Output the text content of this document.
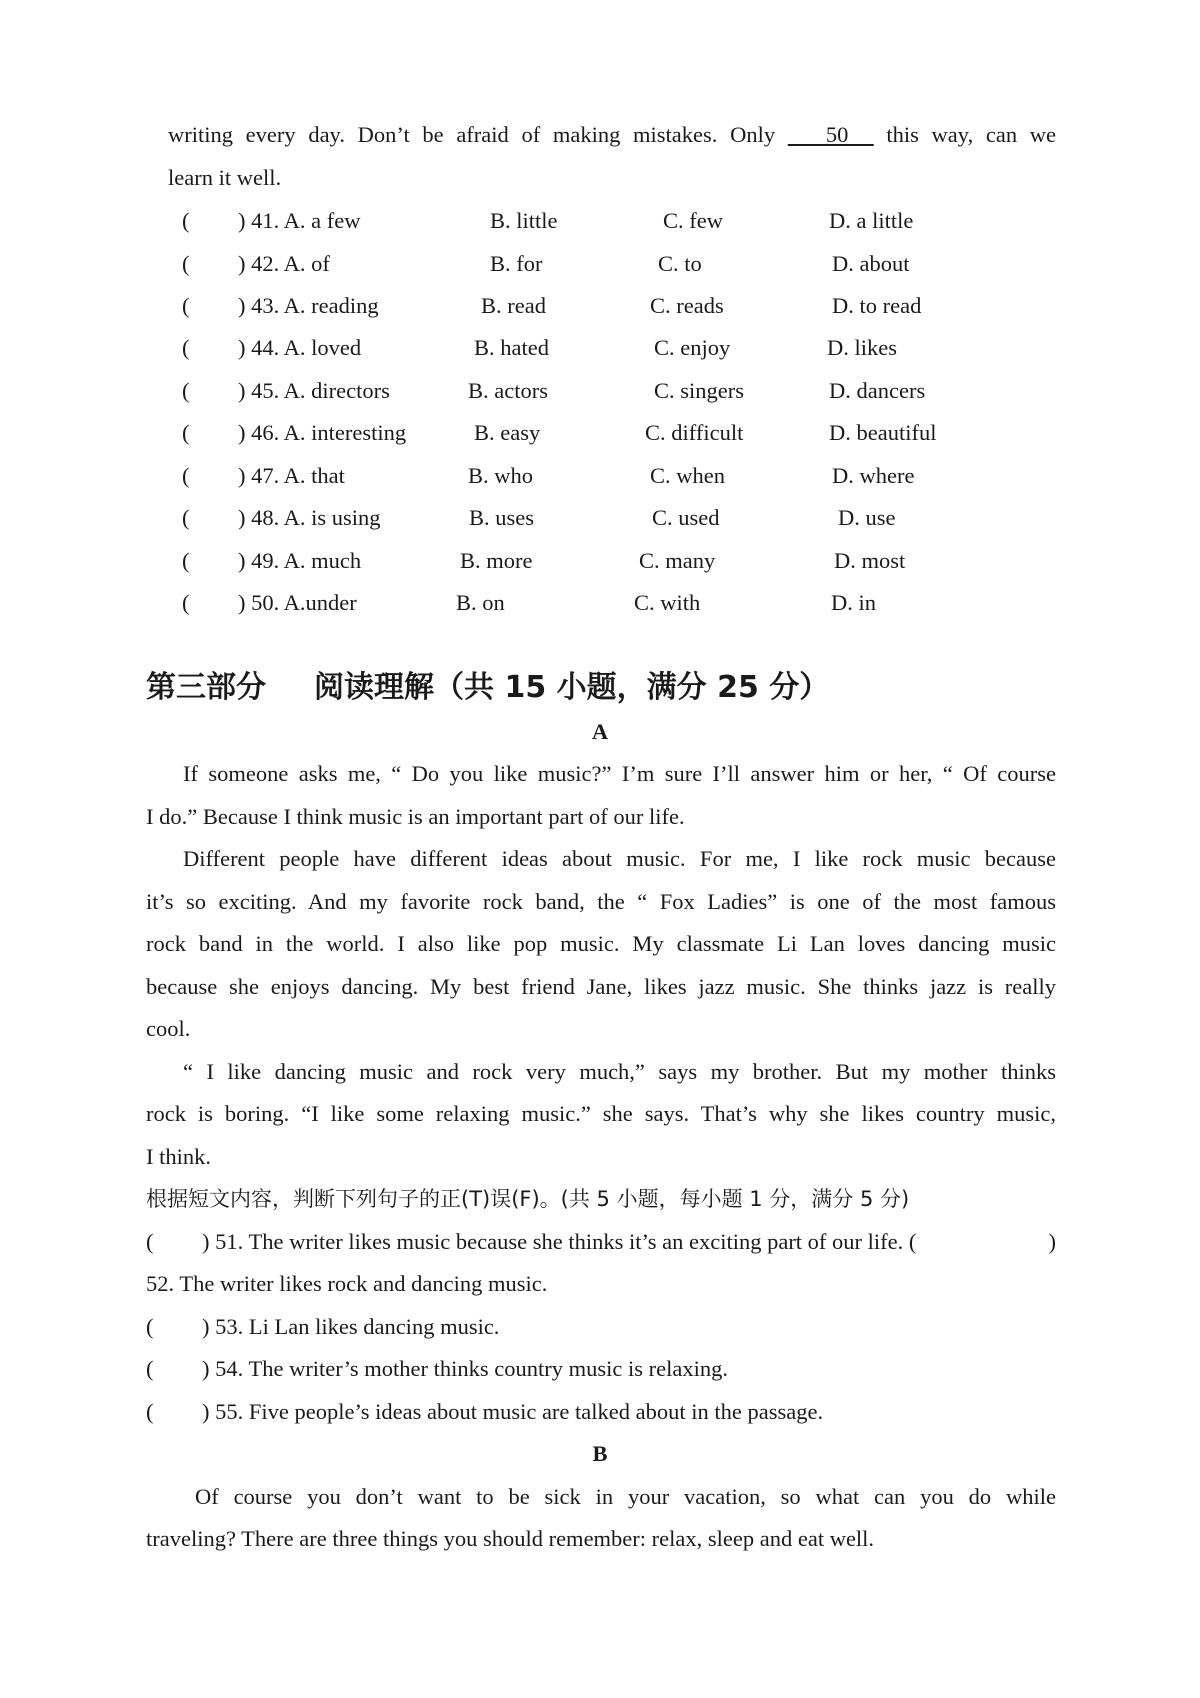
writing every day. Don’t be afraid of making mistakes. Only    50   this way, can we
learn it well.
( ) 41. A. a few	B. little	C. few	D. a little
( ) 42. A. of	B. for	C. to	D. about
( ) 43. A. reading	B. read	C. reads	D. to read
( ) 44. A. loved	B. hated	C. enjoy	D. likes
( ) 45. A. directors	B. actors	C. singers	D. dancers
( ) 46. A. interesting	B. easy	C. difficult	D. beautiful
( ) 47. A. that	B. who	C. when	D. where
( ) 48. A. is using	B. uses	C. used	D. use
( ) 49. A. much	B. more	C. many	D. most
( ) 50. A.under	B. on	C. with	D. in
第三部分 阅读理解（共 15 小题，满分 25 分）
A
If someone asks me, “ Do you like music?” I’m sure I’ll answer him or her, “ Of course
I do.” Because I think music is an important part of our life.
Different people have different ideas about music. For me, I like rock music because
it’s so exciting. And my favorite rock band, the “ Fox Ladies” is one of the most famous
rock band in the world. I also like pop music. My classmate Li Lan loves dancing music
because she enjoys dancing. My best friend Jane, likes jazz music. She thinks jazz is really
cool.
“ I like dancing music and rock very much,” says my brother. But my mother thinks
rock is boring. “I like some relaxing music.” she says. That’s why she likes country music,
I think.
根据短文内容，判断下列句子的正(T)误(F)。(共 5 小题，每小题 1 分，满分 5 分)
( ) 51. The writer likes music because she thinks it’s an exciting part of our life. (	)
52. The writer likes rock and dancing music.
( ) 53. Li Lan likes dancing music.
( ) 54. The writer’s mother thinks country music is relaxing.
( ) 55. Five people’s ideas about music are talked about in the passage.
B
Of course you don’t want to be sick in your vacation, so what can you do while
traveling? There are three things you should remember: relax, sleep and eat well.
